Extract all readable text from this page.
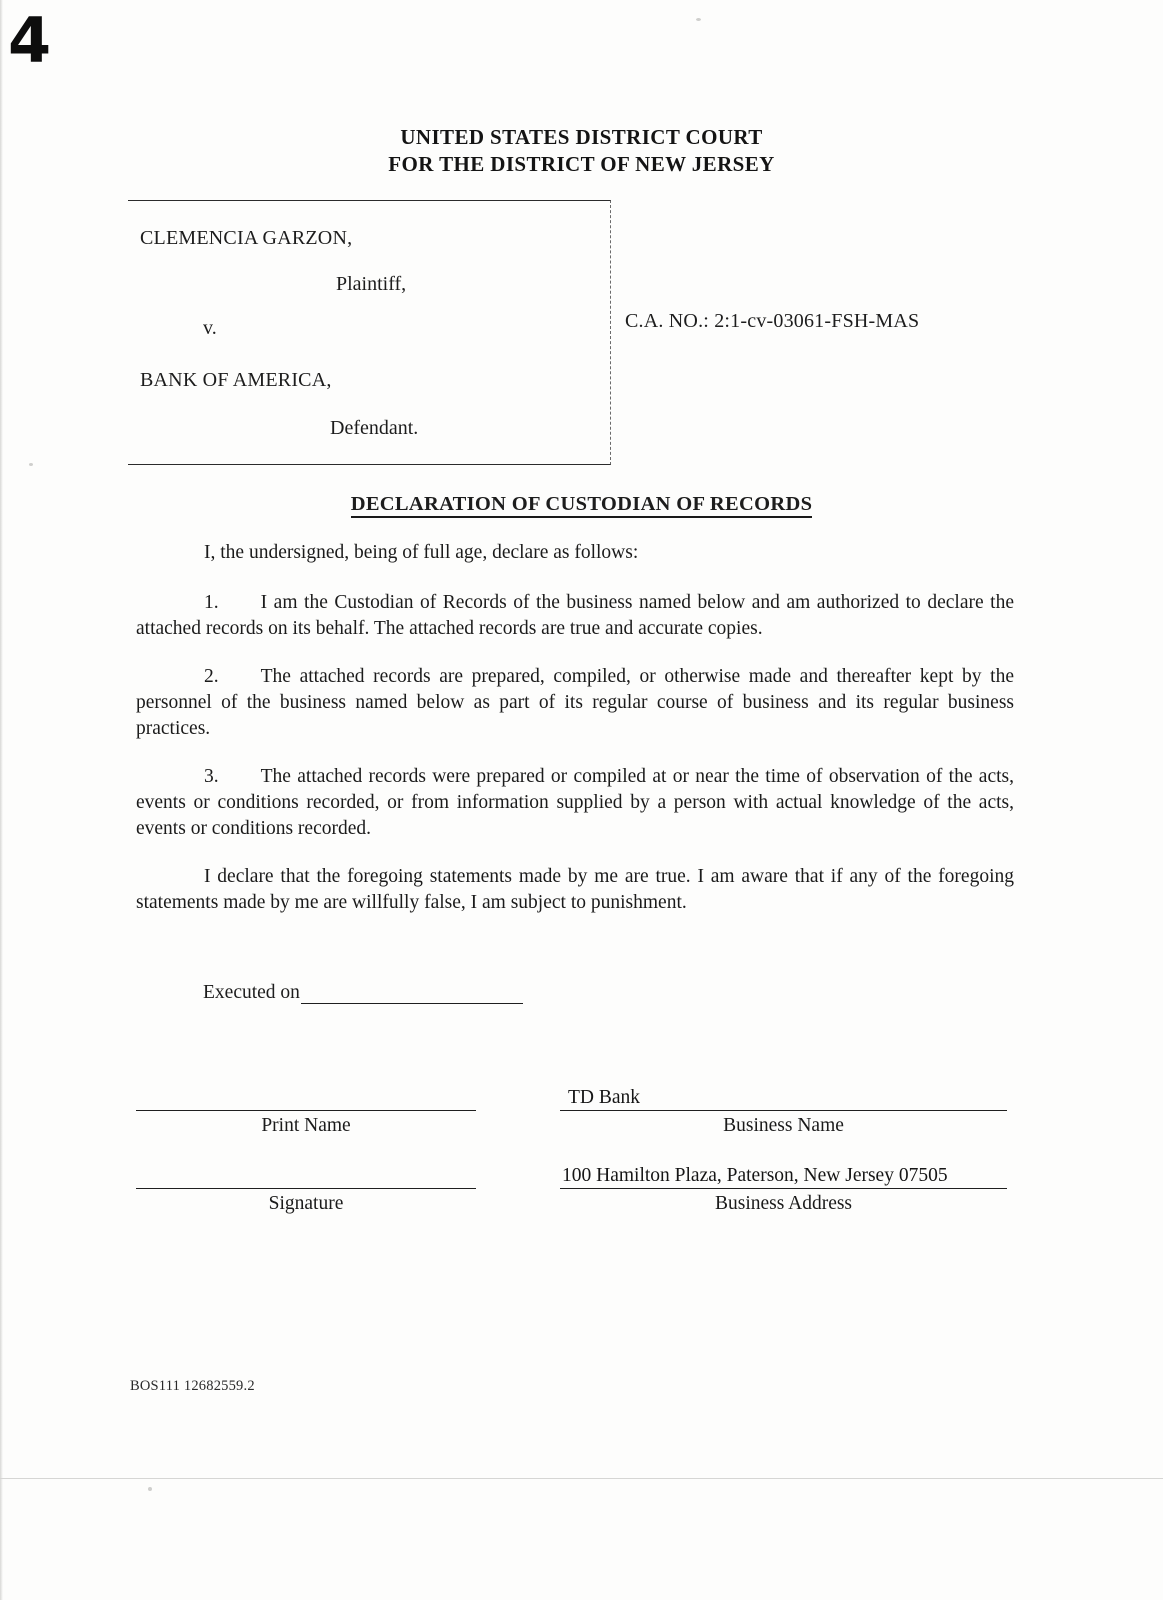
4
UNITED STATES DISTRICT COURT
FOR THE DISTRICT OF NEW JERSEY
CLEMENCIA GARZON,
Plaintiff,
v.
BANK OF AMERICA,
Defendant.
C.A. NO.: 2:1-cv-03061-FSH-MAS
DECLARATION OF CUSTODIAN OF RECORDS
I, the undersigned, being of full age, declare as follows:
1. I am the Custodian of Records of the business named below and am authorized to declare the attached records on its behalf. The attached records are true and accurate copies.
2. The attached records are prepared, compiled, or otherwise made and thereafter kept by the personnel of the business named below as part of its regular course of business and its regular business practices.
3. The attached records were prepared or compiled at or near the time of observation of the acts, events or conditions recorded, or from information supplied by a person with actual knowledge of the acts, events or conditions recorded.
I declare that the foregoing statements made by me are true. I am aware that if any of the foregoing statements made by me are willfully false, I am subject to punishment.
Executed on
Print Name
Signature
TD Bank
Business Name
100 Hamilton Plaza, Paterson, New Jersey 07505
Business Address
BOS111 12682559.2
